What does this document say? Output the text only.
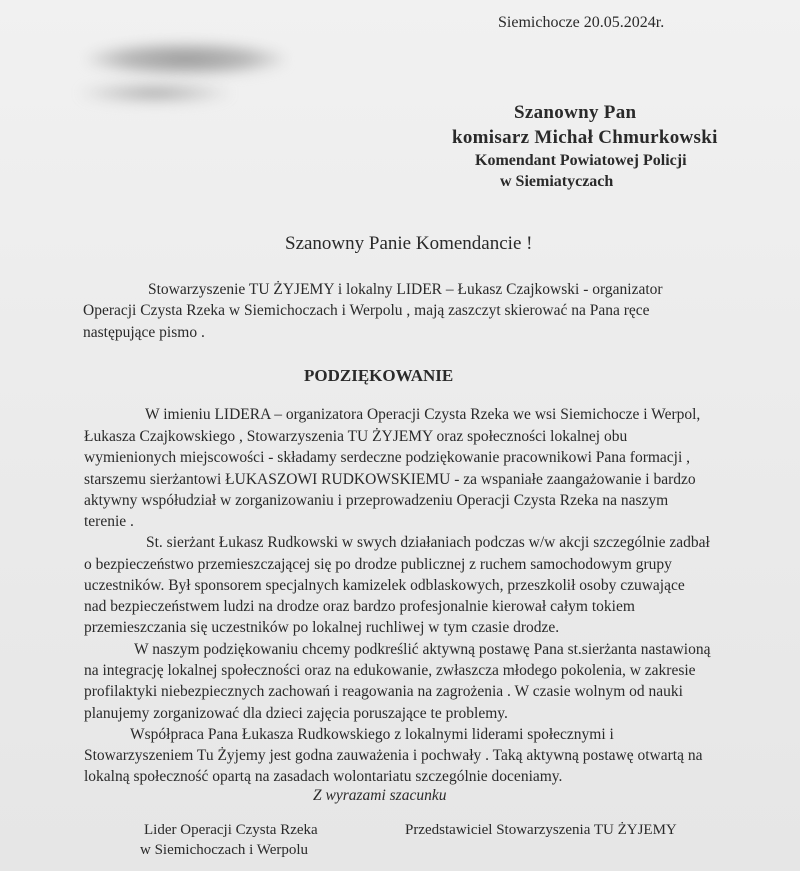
Siemichocze 20.05.2024r.
Szanowny Pan
komisarz Michał Chmurkowski
Komendant Powiatowej Policji
w Siemiatyczach
Szanowny Panie Komendancie !
Stowarzyszenie TU ŻYJEMY i lokalny LIDER – Łukasz Czajkowski - organizator
Operacji Czysta Rzeka w Siemichoczach i Werpolu , mają zaszczyt skierować na Pana ręce
następujące pismo .
PODZIĘKOWANIE
W imieniu LIDERA – organizatora Operacji Czysta Rzeka we wsi Siemichocze i Werpol,
Łukasza Czajkowskiego , Stowarzyszenia TU ŻYJEMY oraz społeczności lokalnej obu
wymienionych miejscowości - składamy serdeczne podziękowanie pracownikowi Pana formacji ,
starszemu sierżantowi ŁUKASZOWI RUDKOWSKIEMU - za wspaniałe zaangażowanie i bardzo
aktywny współudział w zorganizowaniu i przeprowadzeniu Operacji Czysta Rzeka na naszym
terenie .
St. sierżant Łukasz Rudkowski w swych działaniach podczas w/w akcji szczególnie zadbał
o bezpieczeństwo przemieszczającej się po drodze publicznej z ruchem samochodowym grupy
uczestników. Był sponsorem specjalnych kamizelek odblaskowych, przeszkolił osoby czuwające
nad bezpieczeństwem ludzi na drodze oraz bardzo profesjonalnie kierował całym tokiem
przemieszczania się uczestników po lokalnej ruchliwej w tym czasie drodze.
W naszym podziękowaniu chcemy podkreślić aktywną postawę Pana st.sierżanta nastawioną
na integrację lokalnej społeczności oraz na edukowanie, zwłaszcza młodego pokolenia, w zakresie
profilaktyki niebezpiecznych zachowań i reagowania na zagrożenia . W czasie wolnym od nauki
planujemy zorganizować dla dzieci zajęcia poruszające te problemy.
Współpraca Pana Łukasza Rudkowskiego z lokalnymi liderami społecznymi i
Stowarzyszeniem Tu Żyjemy jest godna zauważenia i pochwały . Taką aktywną postawę otwartą na
lokalną społeczność opartą na zasadach wolontariatu szczególnie doceniamy.
Z wyrazami szacunku
Lider Operacji Czysta Rzeka
w Siemichoczach i Werpolu
Przedstawiciel Stowarzyszenia TU ŻYJEMY
